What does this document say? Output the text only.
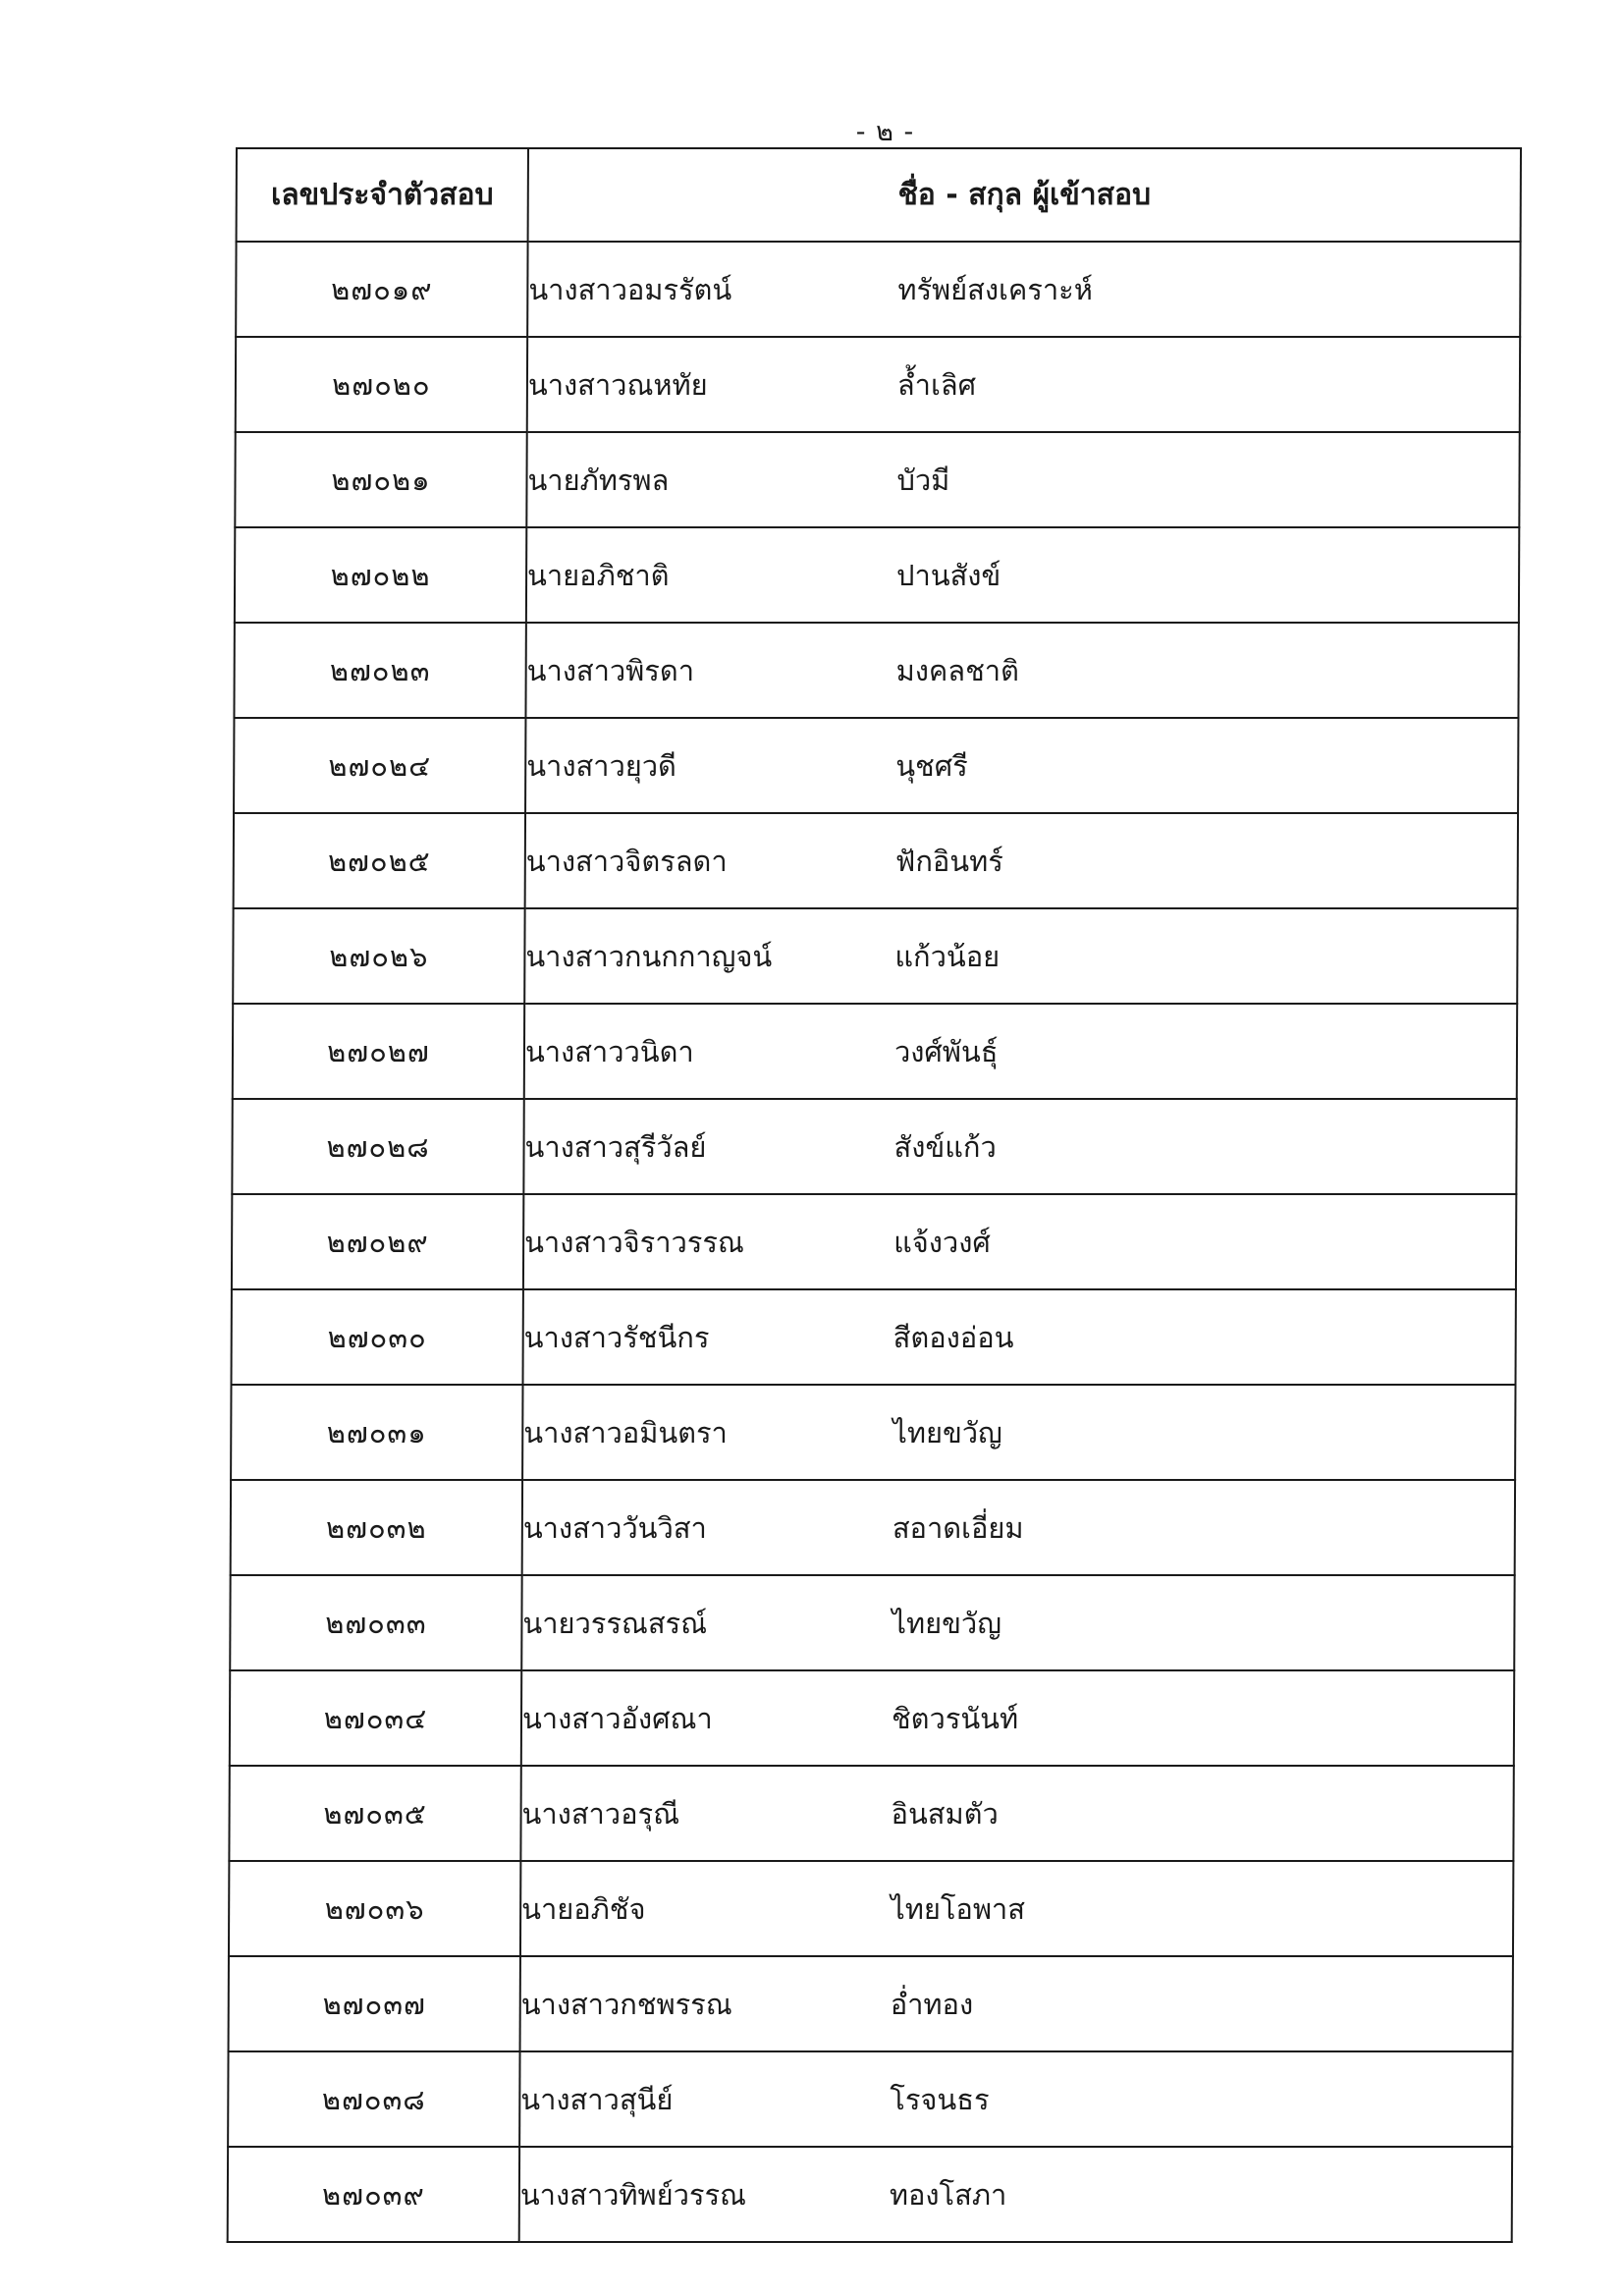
- ๒ -
เลขประจำตัวสอบ	ชื่อ - สกุล ผู้เข้าสอบ
๒๗๐๑๙	นางสาวอมรรัตน์ ทรัพย์สงเคราะห์
๒๗๐๒๐	นางสาวณหทัย ล้ำเลิศ
๒๗๐๒๑	นายภัทรพล บัวมี
๒๗๐๒๒	นายอภิชาติ ปานสังข์
๒๗๐๒๓	นางสาวพิรดา มงคลชาติ
๒๗๐๒๔	นางสาวยุวดี นุชศรี
๒๗๐๒๕	นางสาวจิตรลดา ฟักอินทร์
๒๗๐๒๖	นางสาวกนกกาญจน์ แก้วน้อย
๒๗๐๒๗	นางสาววนิดา วงศ์พันธุ์
๒๗๐๒๘	นางสาวสุรีวัลย์ สังข์แก้ว
๒๗๐๒๙	นางสาวจิราวรรณ แจ้งวงศ์
๒๗๐๓๐	นางสาวรัชนีกร สีตองอ่อน
๒๗๐๓๑	นางสาวอมินตรา ไทยขวัญ
๒๗๐๓๒	นางสาววันวิสา สอาดเอี่ยม
๒๗๐๓๓	นายวรรณสรณ์ ไทยขวัญ
๒๗๐๓๔	นางสาวอังศณา ชิตวรนันท์
๒๗๐๓๕	นางสาวอรุณี อินสมตัว
๒๗๐๓๖	นายอภิชัจ ไทยโอพาส
๒๗๐๓๗	นางสาวกชพรรณ อ่ำทอง
๒๗๐๓๘	นางสาวสุนีย์ โรจนธร
๒๗๐๓๙	นางสาวทิพย์วรรณ ทองโสภา
